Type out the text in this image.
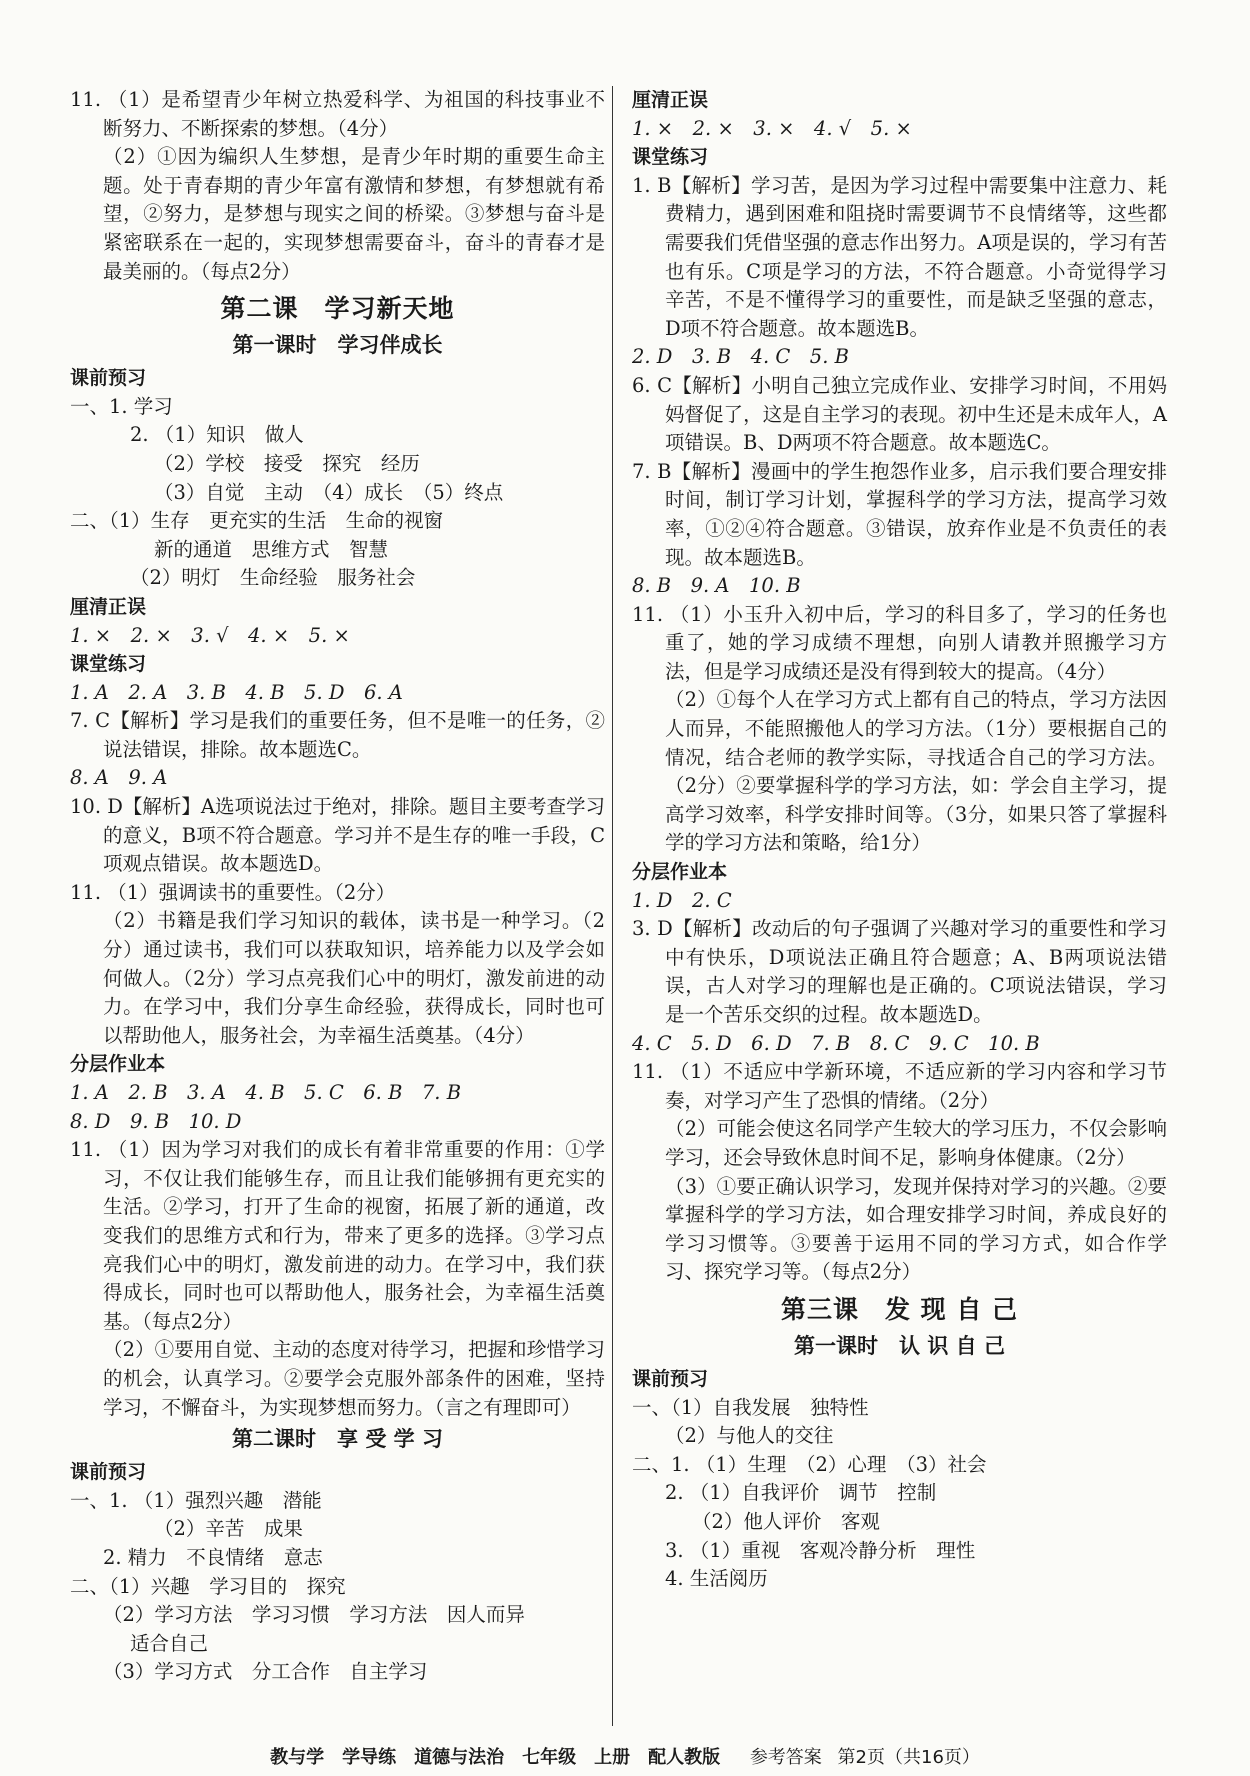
11. （1）是希望青少年树立热爱科学、为祖国的科技事业不断努力、不断探索的梦想。（4分）
（2）①因为编织人生梦想，是青少年时期的重要生命主题。处于青春期的青少年富有激情和梦想，有梦想就有希望，②努力，是梦想与现实之间的桥梁。③梦想与奋斗是紧密联系在一起的，实现梦想需要奋斗，奋斗的青春才是最美丽的。（每点2分）
第二课　学习新天地
第一课时　学习伴成长
课前预习
一、1. 学习
2. （1）知识　做人
（2）学校　接受　探究　经历
（3）自觉　主动　（4）成长　（5）终点
二、（1）生存　更充实的生活　生命的视窗
新的通道　思维方式　智慧
（2）明灯　生命经验　服务社会
厘清正误
1. ×　2. ×　3. √　4. ×　5. ×
课堂练习
1. A　2. A　3. B　4. B　5. D　6. A
7. C【解析】学习是我们的重要任务，但不是唯一的任务，②说法错误，排除。故本题选C。
8. A　9. A
10. D【解析】A选项说法过于绝对，排除。题目主要考查学习的意义，B项不符合题意。学习并不是生存的唯一手段，C项观点错误。故本题选D。
11. （1）强调读书的重要性。（2分）
（2）书籍是我们学习知识的载体，读书是一种学习。（2分）通过读书，我们可以获取知识，培养能力以及学会如何做人。（2分）学习点亮我们心中的明灯，激发前进的动力。在学习中，我们分享生命经验，获得成长，同时也可以帮助他人，服务社会，为幸福生活奠基。（4分）
分层作业本
1. A　2. B　3. A　4. B　5. C　6. B　7. B
8. D　9. B　10. D
11. （1）因为学习对我们的成长有着非常重要的作用：①学习，不仅让我们能够生存，而且让我们能够拥有更充实的生活。②学习，打开了生命的视窗，拓展了新的通道，改变我们的思维方式和行为，带来了更多的选择。③学习点亮我们心中的明灯，激发前进的动力。在学习中，我们获得成长，同时也可以帮助他人，服务社会，为幸福生活奠基。（每点2分）
（2）①要用自觉、主动的态度对待学习，把握和珍惜学习的机会，认真学习。②要学会克服外部条件的困难，坚持学习，不懈奋斗，为实现梦想而努力。（言之有理即可）
第二课时　享 受 学 习
课前预习
一、1. （1）强烈兴趣　潜能
（2）辛苦　成果
2. 精力　不良情绪　意志
二、（1）兴趣　学习目的　探究
（2）学习方法　学习习惯　学习方法　因人而异
适合自己
（3）学习方式　分工合作　自主学习
厘清正误
1. ×　2. ×　3. ×　4. √　5. ×
课堂练习
1. B【解析】学习苦，是因为学习过程中需要集中注意力、耗费精力，遇到困难和阻挠时需要调节不良情绪等，这些都需要我们凭借坚强的意志作出努力。A项是误的，学习有苦也有乐。C项是学习的方法，不符合题意。小奇觉得学习辛苦，不是不懂得学习的重要性，而是缺乏坚强的意志，D项不符合题意。故本题选B。
2. D　3. B　4. C　5. B
6. C【解析】小明自己独立完成作业、安排学习时间，不用妈妈督促了，这是自主学习的表现。初中生还是未成年人，A项错误。B、D两项不符合题意。故本题选C。
7. B【解析】漫画中的学生抱怨作业多，启示我们要合理安排时间，制订学习计划，掌握科学的学习方法，提高学习效率，①②④符合题意。③错误，放弃作业是不负责任的表现。故本题选B。
8. B　9. A　10. B
11. （1）小玉升入初中后，学习的科目多了，学习的任务也重了，她的学习成绩不理想，向别人请教并照搬学习方法，但是学习成绩还是没有得到较大的提高。（4分）
（2）①每个人在学习方式上都有自己的特点，学习方法因人而异，不能照搬他人的学习方法。（1分）要根据自己的情况，结合老师的教学实际，寻找适合自己的学习方法。（2分）②要掌握科学的学习方法，如：学会自主学习，提高学习效率，科学安排时间等。（3分，如果只答了掌握科学的学习方法和策略，给1分）
分层作业本
1. D　2. C
3. D【解析】改动后的句子强调了兴趣对学习的重要性和学习中有快乐，D项说法正确且符合题意；A、B两项说法错误，古人对学习的理解也是正确的。C项说法错误，学习是一个苦乐交织的过程。故本题选D。
4. C　5. D　6. D　7. B　8. C　9. C　10. B
11. （1）不适应中学新环境，不适应新的学习内容和学习节奏，对学习产生了恐惧的情绪。（2分）
（2）可能会使这名同学产生较大的学习压力，不仅会影响学习，还会导致休息时间不足，影响身体健康。（2分）
（3）①要正确认识学习，发现并保持对学习的兴趣。②要掌握科学的学习方法，如合理安排学习时间，养成良好的学习习惯等。③要善于运用不同的学习方式，如合作学习、探究学习等。（每点2分）
第三课　发 现 自 己
第一课时　认 识 自 己
课前预习
一、（1）自我发展　独特性
（2）与他人的交往
二、1. （1）生理　（2）心理　（3）社会
2. （1）自我评价　调节　控制
（2）他人评价　客观
3. （1）重视　客观冷静分析　理性
4. 生活阅历
教与学　学导练　道德与法治　七年级　上册　配人教版 参考答案 第2页（共16页）
